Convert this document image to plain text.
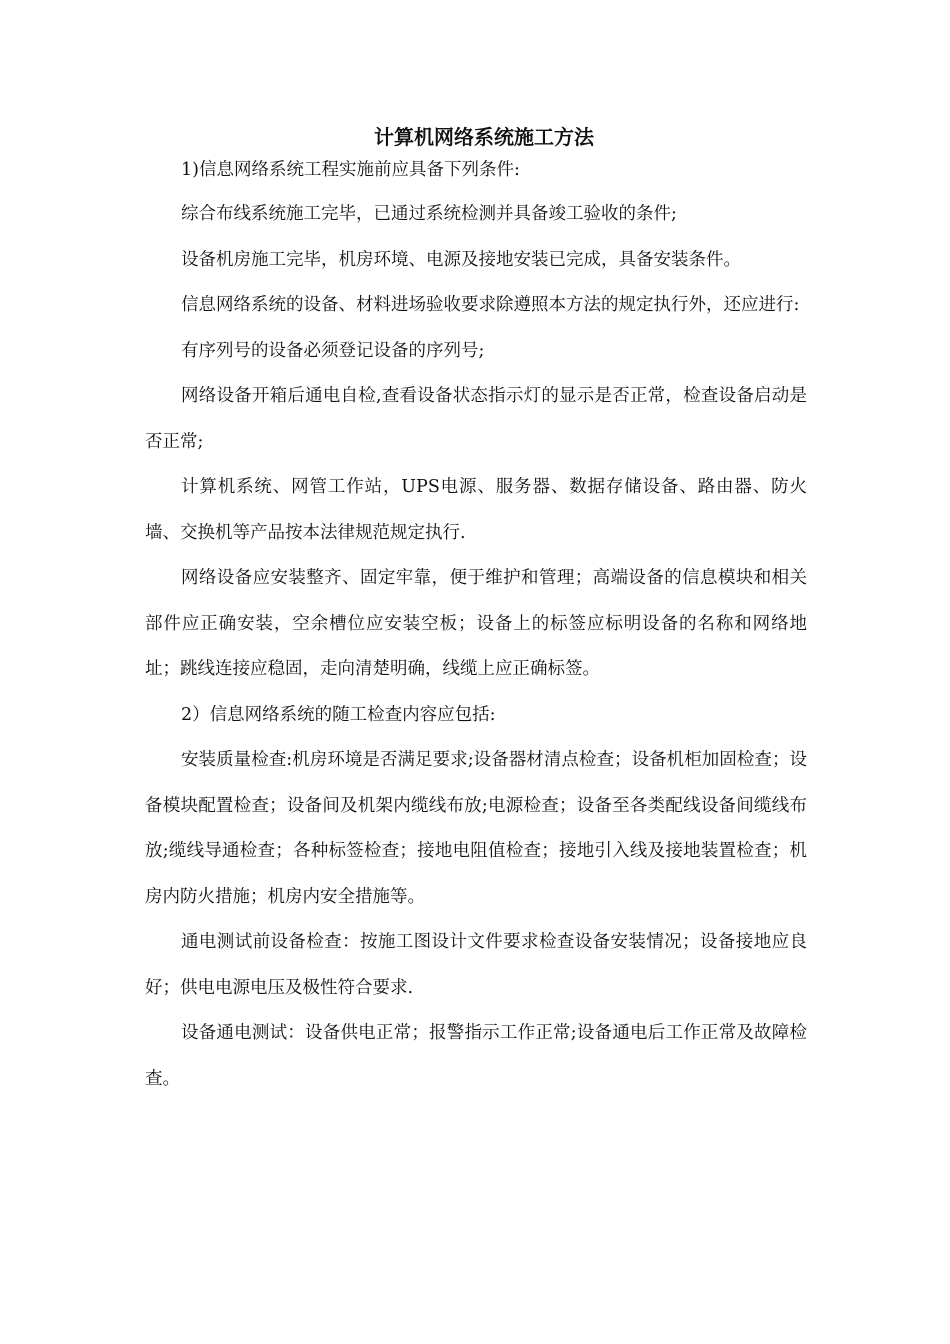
计算机网络系统施工方法

1)信息网络系统工程实施前应具备下列条件:

综合布线系统施工完毕，已通过系统检测并具备竣工验收的条件;

设备机房施工完毕，机房环境、电源及接地安装已完成，具备安装条件。

信息网络系统的设备、材料进场验收要求除遵照本方法的规定执行外，还应进行:

有序列号的设备必须登记设备的序列号;

网络设备开箱后通电自检,查看设备状态指示灯的显示是否正常，检查设备启动是否正常;

计算机系统、网管工作站，UPS电源、服务器、数据存储设备、路由器、防火墙、交换机等产品按本法律规范规定执行.

网络设备应安装整齐、固定牢靠，便于维护和管理；高端设备的信息模块和相关部件应正确安装，空余槽位应安装空板；设备上的标签应标明设备的名称和网络地址；跳线连接应稳固，走向清楚明确，线缆上应正确标签。

2）信息网络系统的随工检查内容应包括:

安装质量检查:机房环境是否满足要求;设备器材清点检查；设备机柜加固检查；设备模块配置检查；设备间及机架内缆线布放;电源检查；设备至各类配线设备间缆线布放;缆线导通检查；各种标签检查；接地电阻值检查；接地引入线及接地装置检查；机房内防火措施；机房内安全措施等。

通电测试前设备检查：按施工图设计文件要求检查设备安装情况；设备接地应良好；供电电源电压及极性符合要求.

设备通电测试：设备供电正常；报警指示工作正常;设备通电后工作正常及故障检查。
